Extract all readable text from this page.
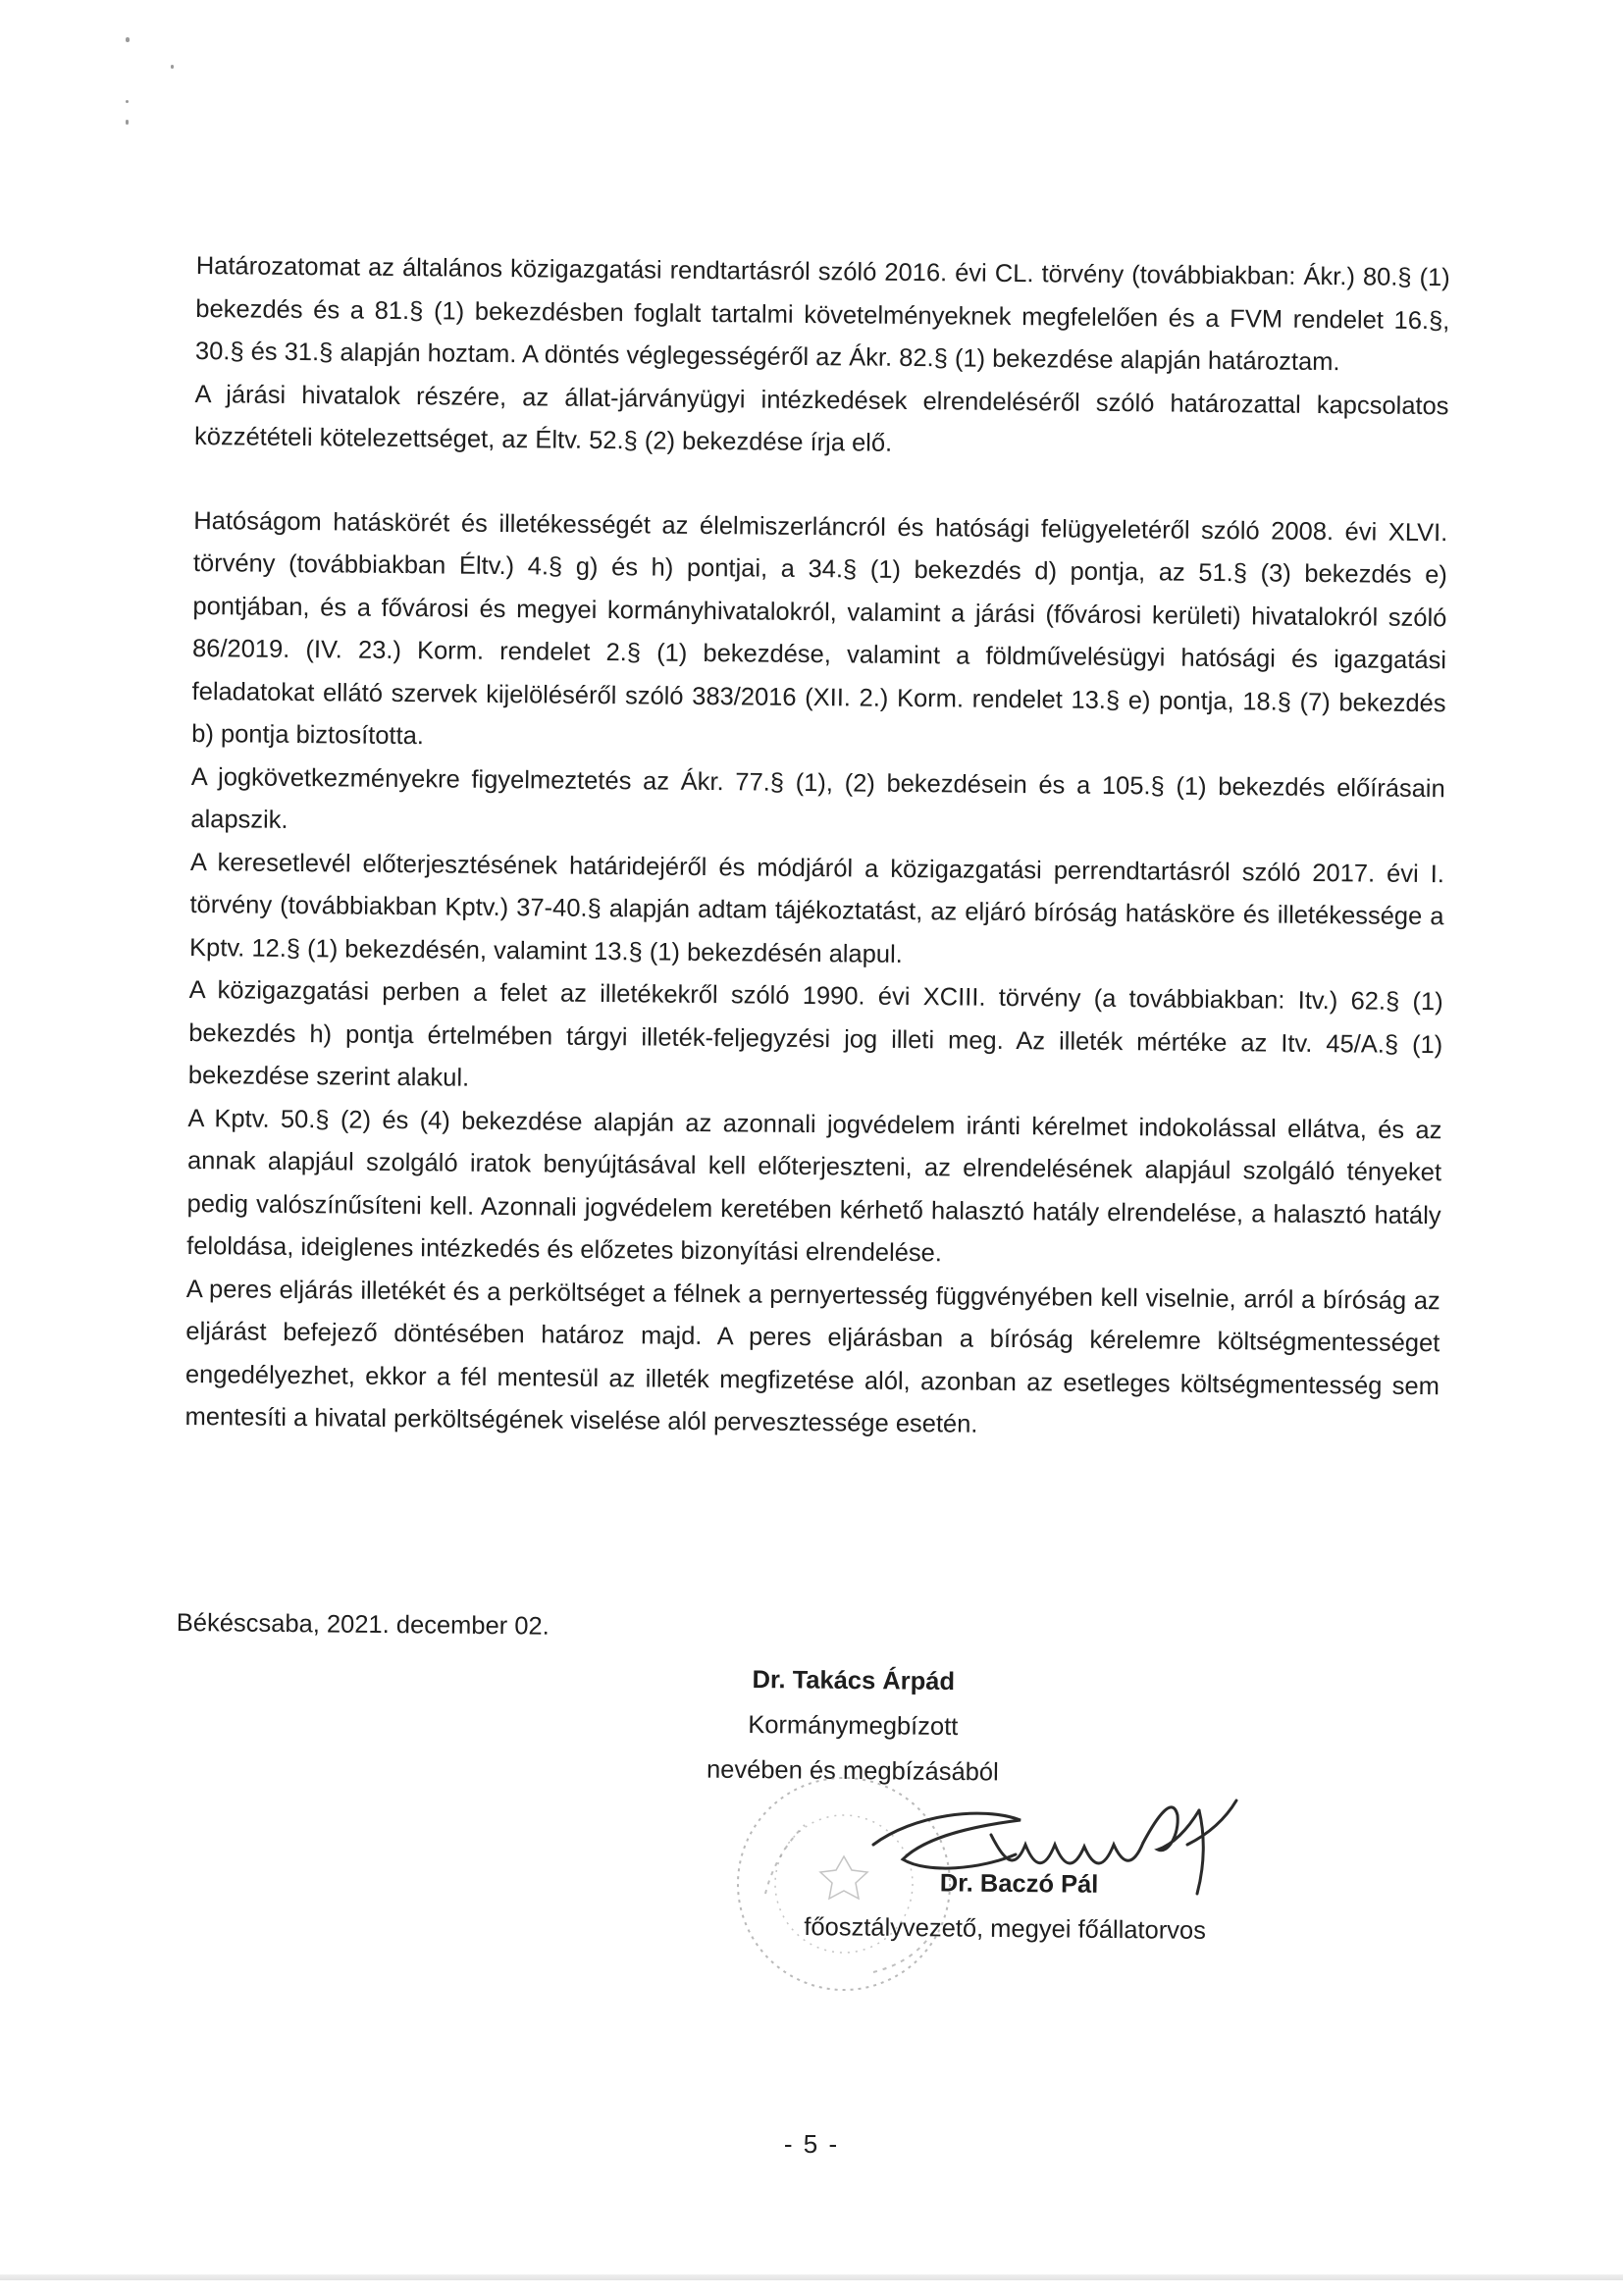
Határozatomat az általános közigazgatási rendtartásról szóló 2016. évi CL. törvény (továbbiakban: Ákr.) 80.§ (1) bekezdés és a 81.§ (1) bekezdésben foglalt tartalmi követelményeknek megfelelően és a FVM rendelet 16.§, 30.§ és 31.§ alapján hoztam. A döntés véglegességéről az Ákr. 82.§ (1) bekezdése alapján határoztam.

A járási hivatalok részére, az állat-járványügyi intézkedések elrendeléséről szóló határozattal kapcsolatos közzétételi kötelezettséget, az Éltv. 52.§ (2) bekezdése írja elő.

Hatóságom hatáskörét és illetékességét az élelmiszerláncról és hatósági felügyeletéről szóló 2008. évi XLVI. törvény (továbbiakban Éltv.) 4.§ g) és h) pontjai, a 34.§ (1) bekezdés d) pontja, az 51.§ (3) bekezdés e) pontjában, és a fővárosi és megyei kormányhivatalokról, valamint a járási (fővárosi kerületi) hivatalokról szóló 86/2019. (IV. 23.) Korm. rendelet 2.§ (1) bekezdése, valamint a földművelésügyi hatósági és igazgatási feladatokat ellátó szervek kijelöléséről szóló 383/2016 (XII. 2.) Korm. rendelet 13.§ e) pontja, 18.§ (7) bekezdés b) pontja biztosította.

A jogkövetkezményekre figyelmeztetés az Ákr. 77.§ (1), (2) bekezdésein és a 105.§ (1) bekezdés előírásain alapszik.

A keresetlevél előterjesztésének határidejéről és módjáról a közigazgatási perrendtartásról szóló 2017. évi I. törvény (továbbiakban Kptv.) 37-40.§ alapján adtam tájékoztatást, az eljáró bíróság hatásköre és illetékessége a Kptv. 12.§ (1) bekezdésén, valamint 13.§ (1) bekezdésén alapul.

A közigazgatási perben a felet az illetékekről szóló 1990. évi XCIII. törvény (a továbbiakban: Itv.) 62.§ (1) bekezdés h) pontja értelmében tárgyi illeték-feljegyzési jog illeti meg. Az illeték mértéke az Itv. 45/A.§ (1) bekezdése szerint alakul.

A Kptv. 50.§ (2) és (4) bekezdése alapján az azonnali jogvédelem iránti kérelmet indokolással ellátva, és az annak alapjául szolgáló iratok benyújtásával kell előterjeszteni, az elrendelésének alapjául szolgáló tényeket pedig valószínűsíteni kell. Azonnali jogvédelem keretében kérhető halasztó hatály elrendelése, a halasztó hatály feloldása, ideiglenes intézkedés és előzetes bizonyítási elrendelése.

A peres eljárás illetékét és a perköltséget a félnek a pernyertesség függvényében kell viselnie, arról a bíróság az eljárást befejező döntésében határoz majd. A peres eljárásban a bíróság kérelemre költségmentességet engedélyezhet, ekkor a fél mentesül az illeték megfizetése alól, azonban az esetleges költségmentesség sem mentesíti a hivatal perköltségének viselése alól pervesztessége esetén.

Békéscsaba, 2021. december 02.
Dr. Takács Árpád
Kormánymegbízott
nevében és megbízásából
Dr. Baczó Pál
főosztályvezető, megyei főállatorvos
- 5 -
